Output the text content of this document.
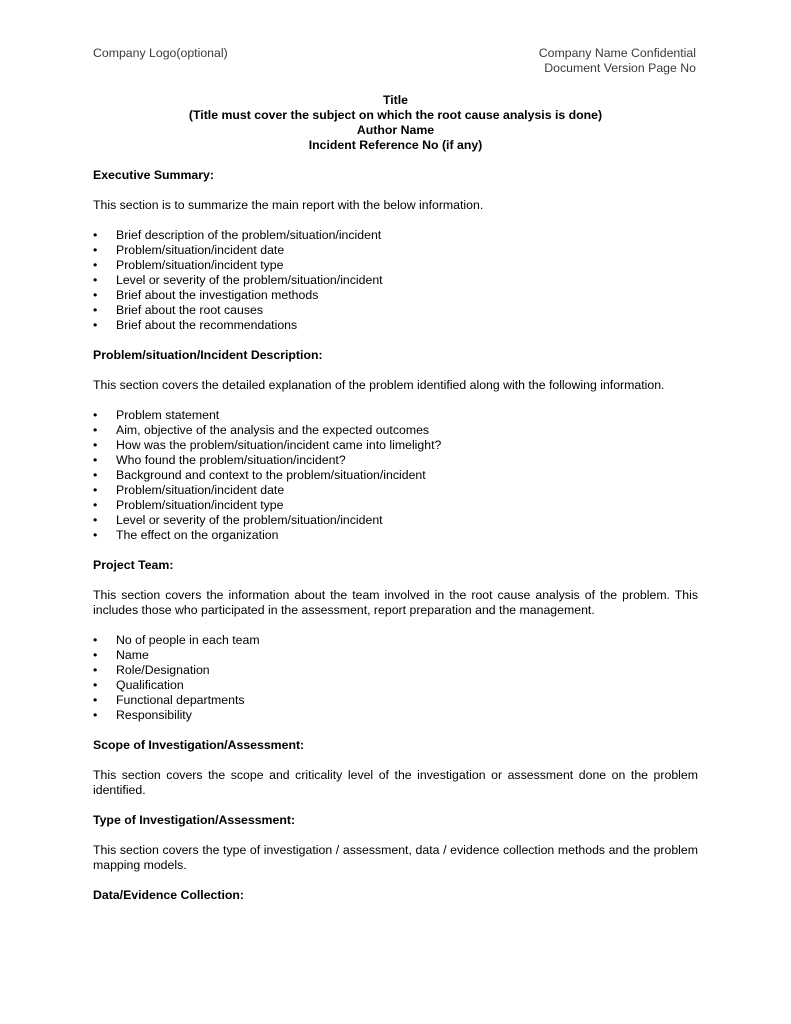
Company Logo(optional)	Company Name Confidential
Document Version Page No
Title
(Title must cover the subject on which the root cause analysis is done)
Author Name
Incident Reference No (if any)
Executive Summary:

This section is to summarize the main report with the below information.

• Brief description of the problem/situation/incident
• Problem/situation/incident date
• Problem/situation/incident type
• Level or severity of the problem/situation/incident
• Brief about the investigation methods
• Brief about the root causes
• Brief about the recommendations
Problem/situation/Incident Description:

This section covers the detailed explanation of the problem identified along with the following information.

• Problem statement
• Aim, objective of the analysis and the expected outcomes
• How was the problem/situation/incident came into limelight?
• Who found the problem/situation/incident?
• Background and context to the problem/situation/incident
• Problem/situation/incident date
• Problem/situation/incident type
• Level or severity of the problem/situation/incident
• The effect on the organization
Project Team:

This section covers the information about the team involved in the root cause analysis of the problem. This includes those who participated in the assessment, report preparation and the management.

• No of people in each team
• Name
• Role/Designation
• Qualification
• Functional departments
• Responsibility
Scope of Investigation/Assessment:

This section covers the scope and criticality level of the investigation or assessment done on the problem identified.

Type of Investigation/Assessment:

This section covers the type of investigation / assessment, data / evidence collection methods and the problem mapping models.

Data/Evidence Collection:
